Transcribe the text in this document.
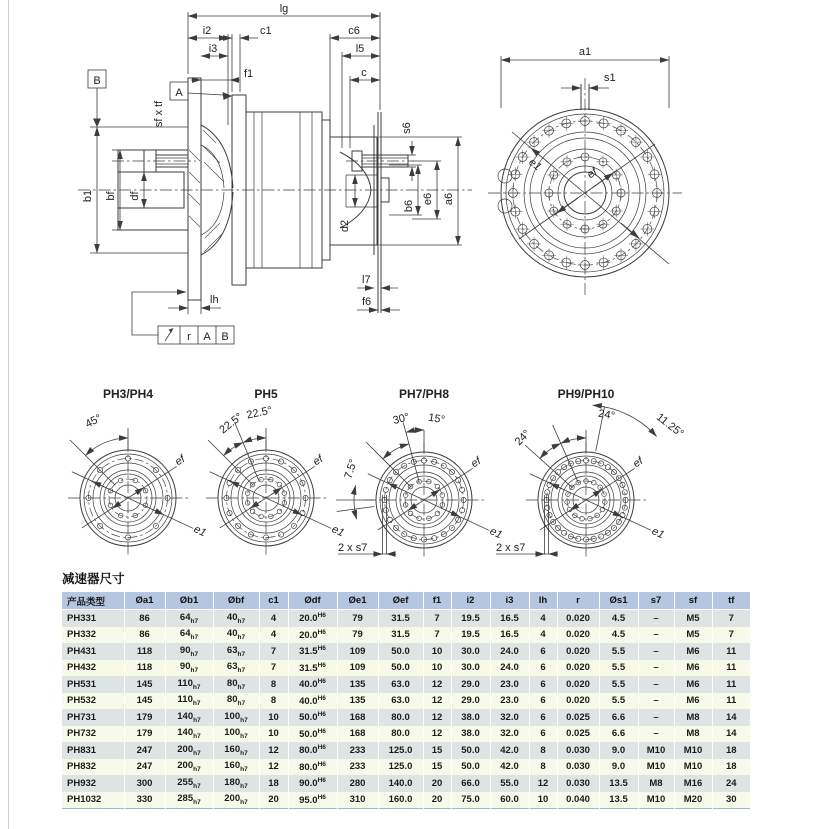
lg
i2	c1	c6
i3	l5
f1	c
B
A
sf x tf
b1 bf df
lh
r A B
s6
d2
b6
e6 a6
l7
f6
s1
a1
e1
ef
PH3/PH4
45°
ef
e1
PH5
22.5° 22.5°
ef
e1
PH7/PH8
30° 15°
7.5°	ef
e1
2 x s7
PH9/PH10
24°
24°	11.25°
ef
e1
2 x s7
减速器尺寸
产品类型	Øa1	Øb1	Øbf	c1	Ødf	Øe1	Øef	f1	i2	i3	lh	r	Øs1	s7	sf	tf
PH331	86	$64_{h7}$	$40_{h7}$	4	$20.0^{H6}$	79	31.5	7	19.5	16.5	4	0.020	4.5	–	M5	7
PH332	86	$64_{h7}$	$40_{h7}$	4	$20.0^{H6}$	79	31.5	7	19.5	16.5	4	0.020	4.5	–	M5	7
PH431	118	$90_{h7}$	$63_{h7}$	7	$31.5^{H6}$	109	50.0	10	30.0	24.0	6	0.020	5.5	–	M6	11
PH432	118	$90_{h7}$	$63_{h7}$	7	$31.5^{H6}$	109	50.0	10	30.0	24.0	6	0.020	5.5	–	M6	11
PH531	145	$110_{h7}$	$80_{h7}$	8	$40.0^{H6}$	135	63.0	12	29.0	23.0	6	0.020	5.5	–	M6	11
PH532	145	$110_{h7}$	$80_{h7}$	8	$40.0^{H6}$	135	63.0	12	29.0	23.0	6	0.020	5.5	–	M6	11
PH731	179	$140_{h7}$	$100_{h7}$	10	$50.0^{H6}$	168	80.0	12	38.0	32.0	6	0.025	6.6	–	M8	14
PH732	179	$140_{h7}$	$100_{h7}$	10	$50.0^{H6}$	168	80.0	12	38.0	32.0	6	0.025	6.6	–	M8	14
PH831	247	$200_{h7}$	$160_{h7}$	12	$80.0^{H6}$	233	125.0	15	50.0	42.0	8	0.030	9.0	M10	M10	18
PH832	247	$200_{h7}$	$160_{h7}$	12	$80.0^{H6}$	233	125.0	15	50.0	42.0	8	0.030	9.0	M10	M10	18
PH932	300	$255_{h7}$	$180_{h7}$	18	$90.0^{H6}$	280	140.0	20	66.0	55.0	12	0.030	13.5	M8	M16	24
PH1032	330	$285_{h7}$	$200_{h7}$	20	$95.0^{H6}$	310	160.0	20	75.0	60.0	10	0.040	13.5	M10	M20	30
